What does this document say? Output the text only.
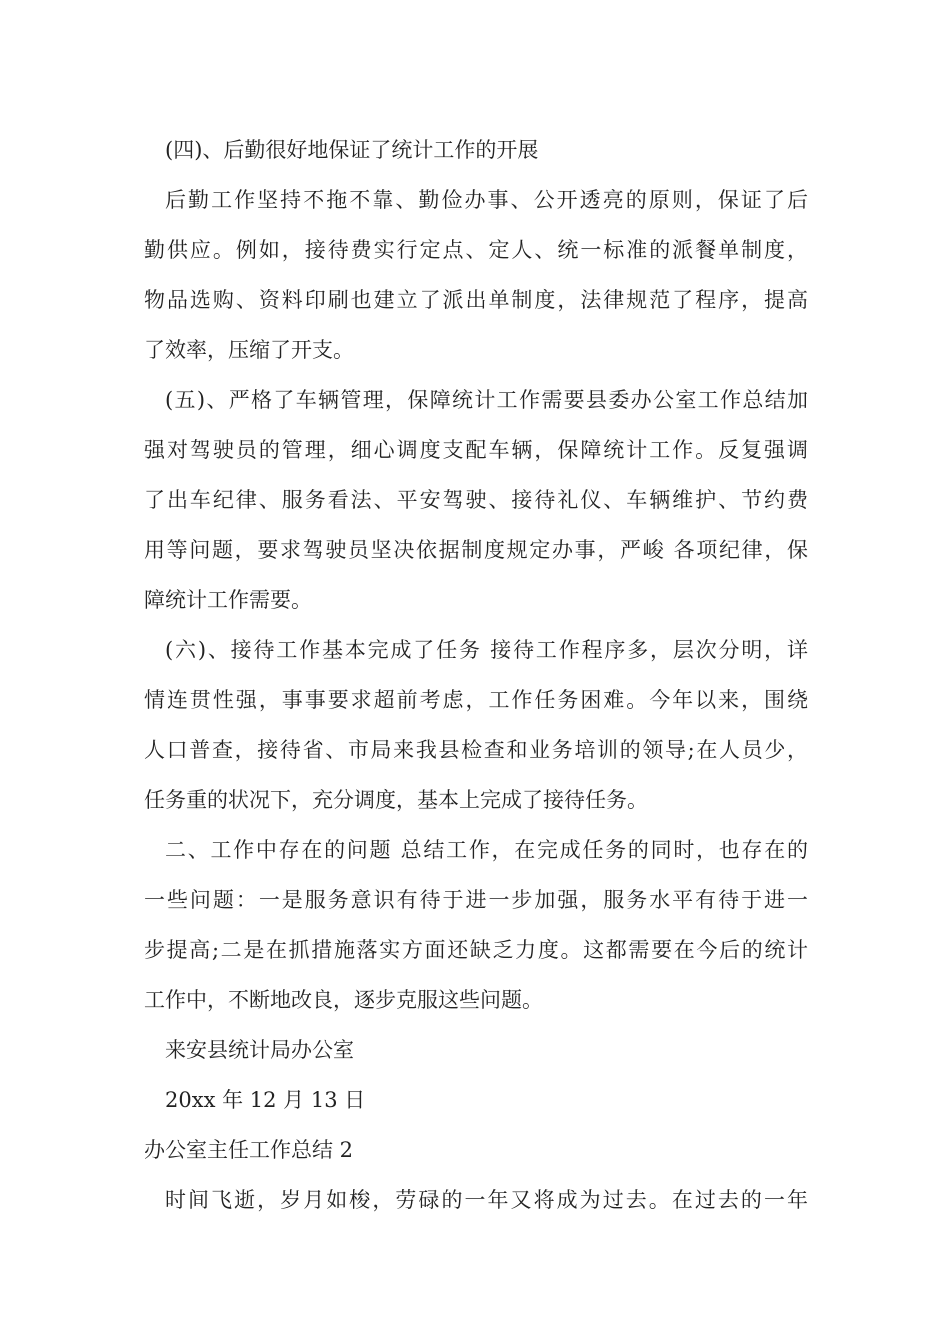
(四)、后勤很好地保证了统计工作的开展
后勤工作坚持不拖不靠、勤俭办事、公开透亮的原则，保证了后
勤供应。例如，接待费实行定点、定人、统一标准的派餐单制度，
物品选购、资料印刷也建立了派出单制度，法律规范了程序，提高
了效率，压缩了开支。
(五)、严格了车辆管理，保障统计工作需要县委办公室工作总结加
强对驾驶员的管理，细心调度支配车辆，保障统计工作。反复强调
了出车纪律、服务看法、平安驾驶、接待礼仪、车辆维护、节约费
用等问题，要求驾驶员坚决依据制度规定办事，严峻 各项纪律，保
障统计工作需要。
(六)、接待工作基本完成了任务 接待工作程序多，层次分明，详
情连贯性强，事事要求超前考虑，工作任务困难。今年以来，围绕
人口普查，接待省、市局来我县检查和业务培训的领导;在人员少，
任务重的状况下，充分调度，基本上完成了接待任务。
二、工作中存在的问题 总结工作，在完成任务的同时，也存在的
一些问题：一是服务意识有待于进一步加强，服务水平有待于进一
步提高;二是在抓措施落实方面还缺乏力度。这都需要在今后的统计
工作中，不断地改良，逐步克服这些问题。
来安县统计局办公室
20xx 年 12 月 13 日
办公室主任工作总结 2
时间飞逝，岁月如梭，劳碌的一年又将成为过去。在过去的一年
